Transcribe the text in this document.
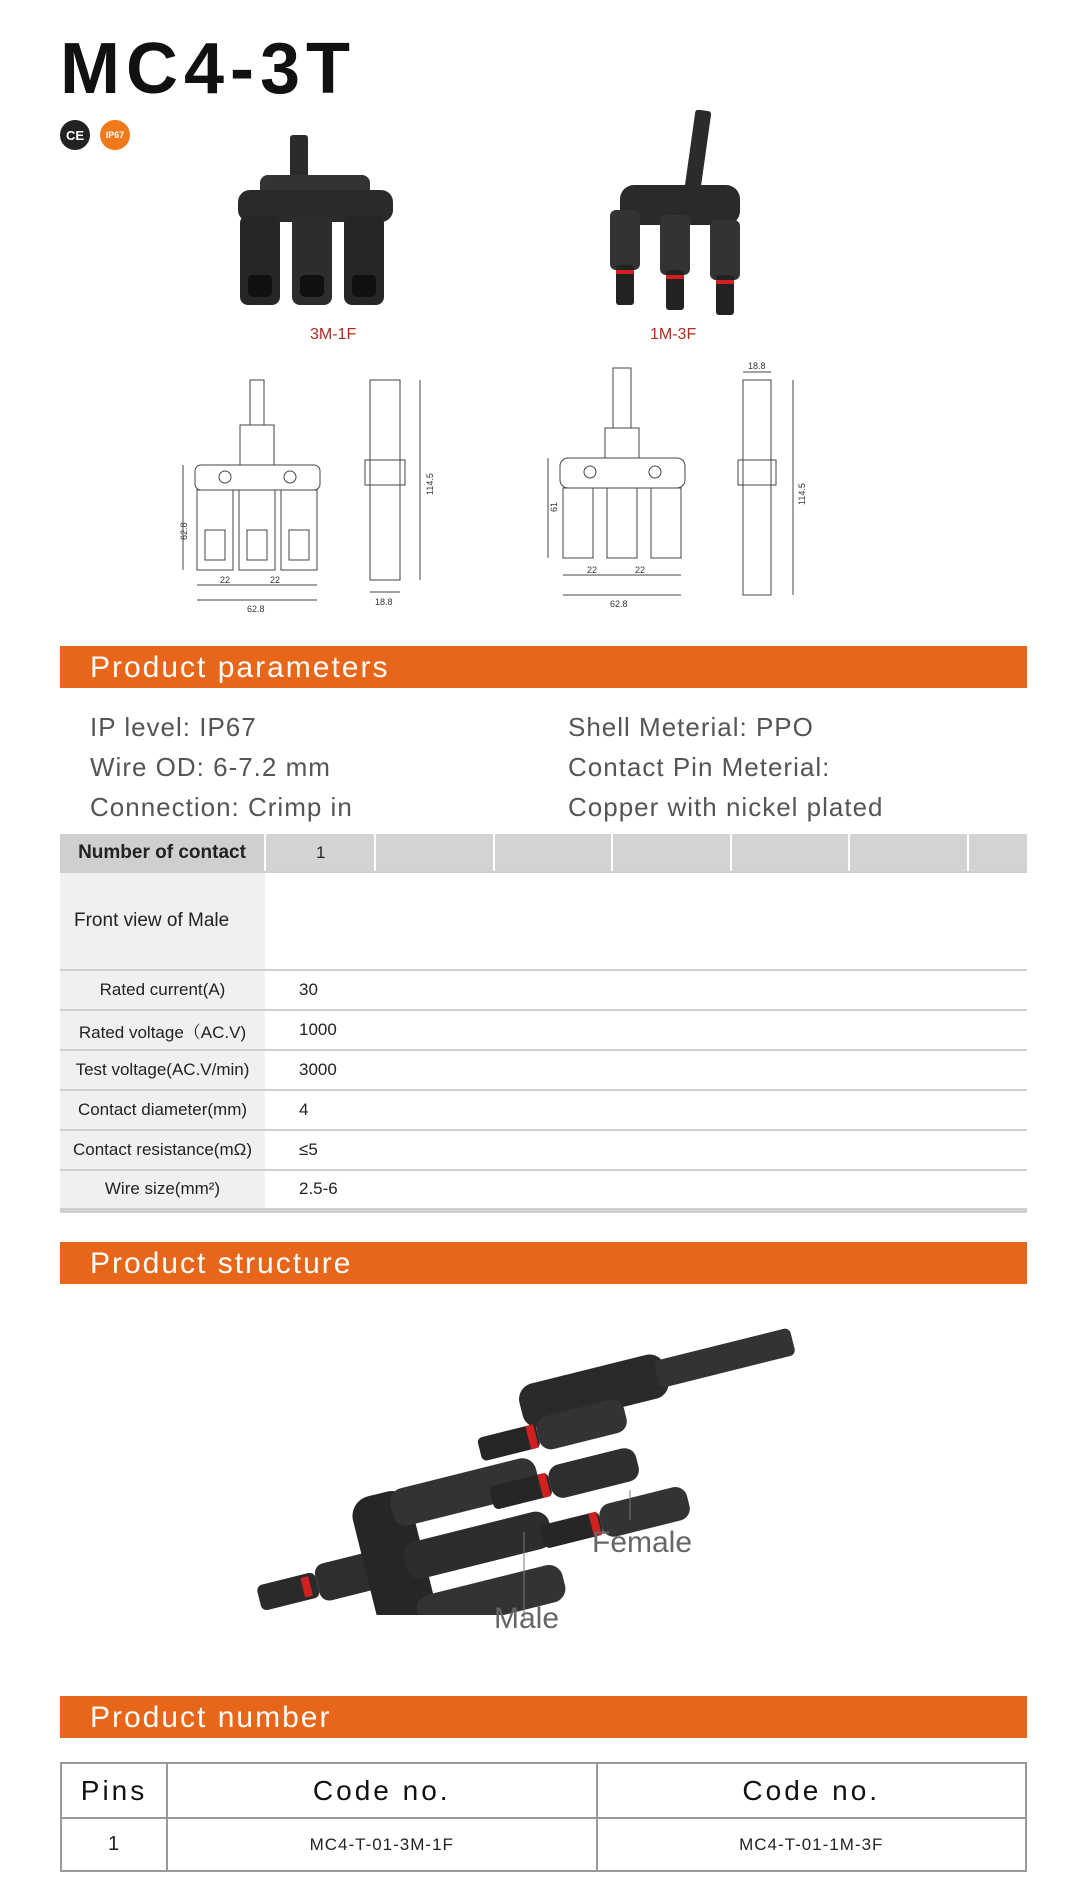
MC4-3T
CE	IP67
3M-1F	1M-3F
62.8
22	22
62.8
114.5
18.8
61
22	22
62.8
114.5
18.8
Product parameters
IP level: IP67
Wire OD: 6-7.2 mm
Connection: Crimp in
Shell Meterial: PPO
Contact Pin Meterial:
Copper with nickel plated
Number of contact	1						
Front view of Male							
Rated current(A)	30						
Rated voltage（AC.V)	1000						
Test voltage(AC.V/min)	3000						
Contact diameter(mm)	4						
Contact resistance(mΩ)	≤5						
Wire size(mm²)	2.5-6						
Product structure
Female
Male
Product number
Pins	Code no.	Code no.
1	MC4-T-01-3M-1F	MC4-T-01-1M-3F
